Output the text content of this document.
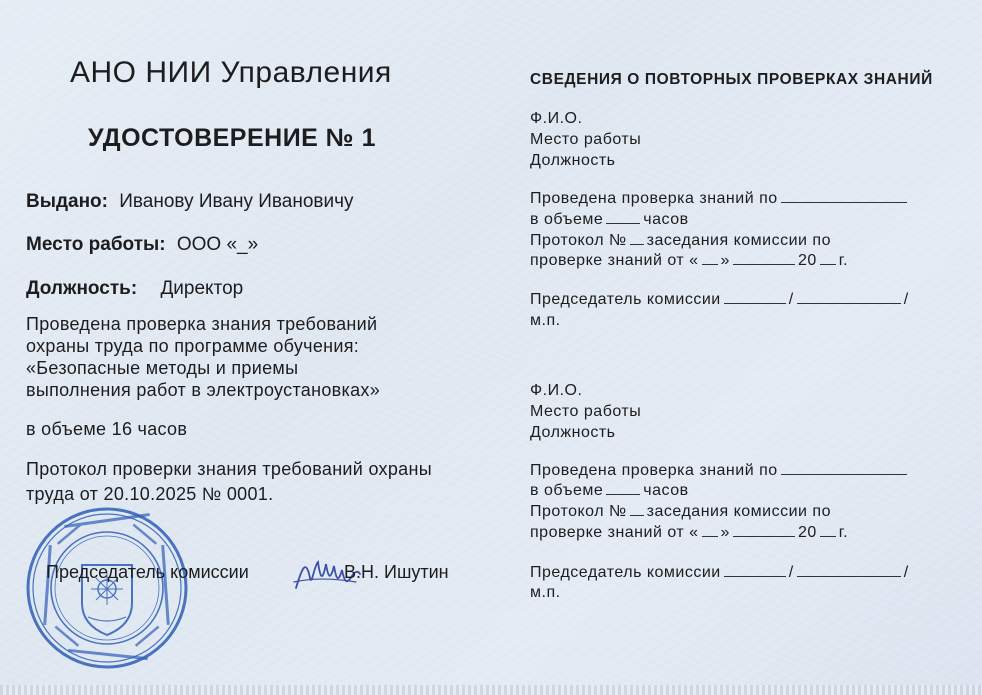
АНО НИИ Управления
УДОСТОВЕРЕНИЕ № 1
Выдано: Иванову Ивану Ивановичу
Место работы: ООО «_»
Должность: Директор
Проведена проверка знания требований
охраны труда по программе обучения:
«Безопасные методы и приемы
выполнения работ в электроустановках»
в объеме 16 часов
Протокол проверки знания требований охраны
труда от 20.10.2025 № 0001.
Председатель комиссии	В.Н. Ишутин
СВЕДЕНИЯ О ПОВТОРНЫХ ПРОВЕРКАХ ЗНАНИЙ
Ф.И.О.
Место работы
Должность
Проведена проверка знаний по
в объеме	часов
Протокол № заседания комиссии по
проверке знаний от « »	20 г.
Председатель комиссии	/	/
м.п.
Ф.И.О.
Место работы
Должность
Проведена проверка знаний по
в объеме	часов
Протокол № заседания комиссии по
проверке знаний от « »	20 г.
Председатель комиссии	/	/
м.п.
